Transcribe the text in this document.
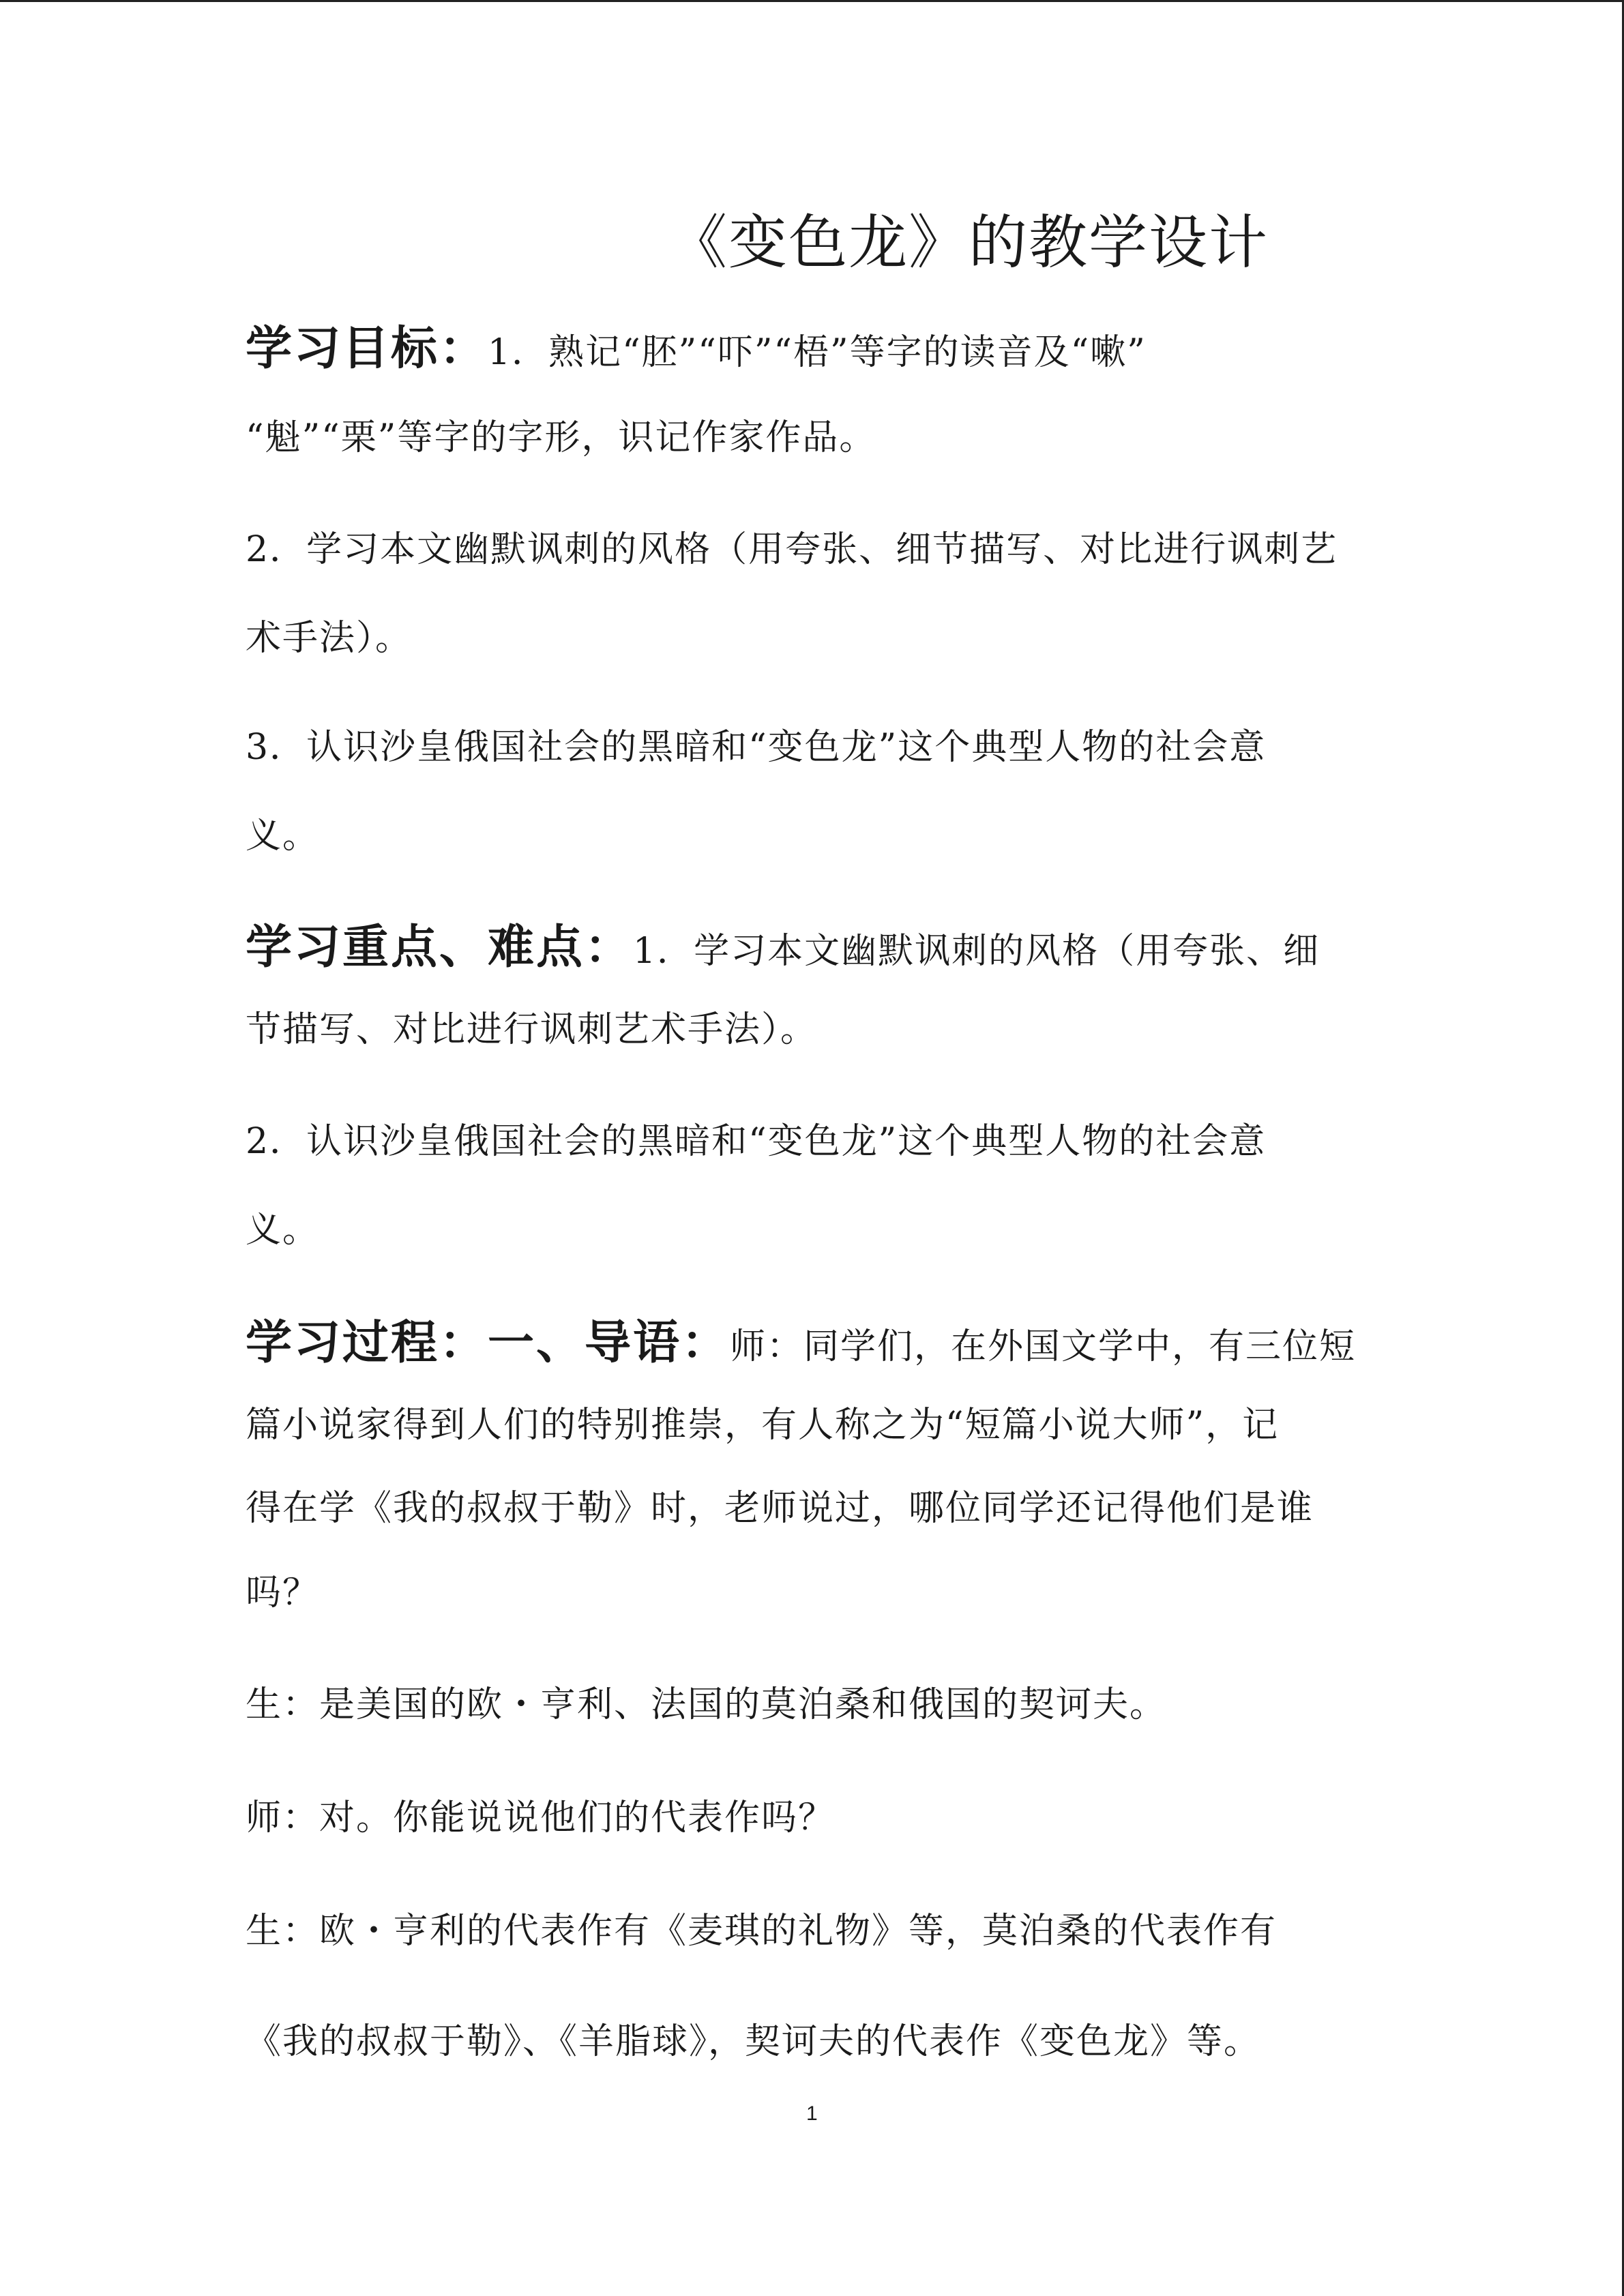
《变色龙》的教学设计
学习目标：1．熟记“胚”“吓”“梧”等字的读音及“嗽”
“魁”“栗”等字的字形，识记作家作品。
2．学习本文幽默讽刺的风格（用夸张、细节描写、对比进行讽刺艺
术手法）。
3．认识沙皇俄国社会的黑暗和“变色龙”这个典型人物的社会意
义。
学习重点、难点：1．学习本文幽默讽刺的风格（用夸张、细
节描写、对比进行讽刺艺术手法）。
2．认识沙皇俄国社会的黑暗和“变色龙”这个典型人物的社会意
义。
学习过程：一、导语：师：同学们，在外国文学中，有三位短
篇小说家得到人们的特别推崇，有人称之为“短篇小说大师”，记
得在学《我的叔叔于勒》时，老师说过，哪位同学还记得他们是谁
吗？
生：是美国的欧・亨利、法国的莫泊桑和俄国的契诃夫。
师：对。你能说说他们的代表作吗？
生：欧・亨利的代表作有《麦琪的礼物》等，莫泊桑的代表作有
《我的叔叔于勒》、《羊脂球》，契诃夫的代表作《变色龙》等。
1
